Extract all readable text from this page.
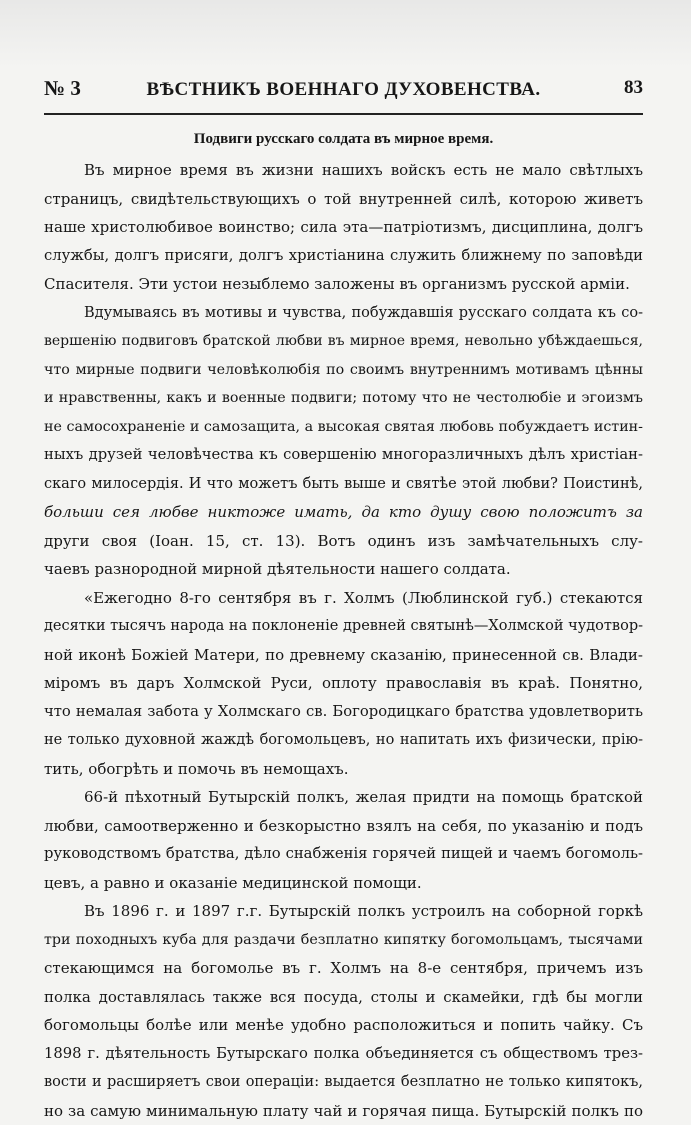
№ 3	ВѢСТНИКЪ ВОЕННАГО ДУХОВЕНСТВА.	83
Подвиги русскаго солдата въ мирное время.
Въ мирное время въ жизни нашихъ войскъ есть не мало свѣтлыхъ
страницъ, свидѣтельствующихъ о той внутренней силѣ, которою живетъ
наше христолюбивое воинство; сила эта—патріотизмъ, дисциплина, долгъ
службы, долгъ присяги, долгъ христіанина служить ближнему по заповѣди
Спасителя. Эти устои незыблемо заложены въ организмъ русской арміи.
Вдумываясь въ мотивы и чувства, побуждавшія русскаго солдата къ со-
вершенію подвиговъ братской любви въ мирное время, невольно убѣждаешься,
что мирные подвиги человѣколюбія по своимъ внутреннимъ мотивамъ цѣнны
и нравственны, какъ и военные подвиги; потому что не честолюбіе и эгоизмъ
не самосохраненіе и самозащита, а высокая святая любовь побуждаетъ истин-
ныхъ друзей человѣчества къ совершенію многоразличныхъ дѣлъ христіан-
скаго милосердія. И что можетъ быть выше и святѣе этой любви? Поистинѣ,
больши сея любве никтоже имать, да кто душу свою положитъ за
други своя (Іоан. 15, ст. 13). Вотъ одинъ изъ замѣчательныхъ слу-
чаевъ разнородной мирной дѣятельности нашего солдата.
«Ежегодно 8-го сентября въ г. Холмъ (Люблинской губ.) стекаются
десятки тысячъ народа на поклоненіе древней святынѣ—Холмской чудотвор-
ной иконѣ Божіей Матери, по древнему сказанію, принесенной св. Влади-
міромъ въ даръ Холмской Руси, оплоту православія въ краѣ. Понятно,
что немалая забота у Холмскаго св. Богородицкаго братства удовлетворить
не только духовной жаждѣ богомольцевъ, но напитать ихъ физически, прію-
тить, обогрѣть и помочь въ немощахъ.
66-й пѣхотный Бутырскій полкъ, желая придти на помощь братской
любви, самоотверженно и безкорыстно взялъ на себя, по указанію и подъ
руководствомъ братства, дѣло снабженія горячей пищей и чаемъ богомоль-
цевъ, а равно и оказаніе медицинской помощи.
Въ 1896 г. и 1897 г.г. Бутырскій полкъ устроилъ на соборной горкѣ
три походныхъ куба для раздачи безплатно кипятку богомольцамъ, тысячами
стекающимся на богомолье въ г. Холмъ на 8-е сентября, причемъ изъ
полка доставлялась также вся посуда, столы и скамейки, гдѣ бы могли
богомольцы болѣе или менѣе удобно расположиться и попить чайку. Съ
1898 г. дѣятельность Бутырскаго полка объединяется съ обществомъ трез-
вости и расширяетъ свои операціи: выдается безплатно не только кипятокъ,
но за самую минимальную плату чай и горячая пища. Бутырскій полкъ по
